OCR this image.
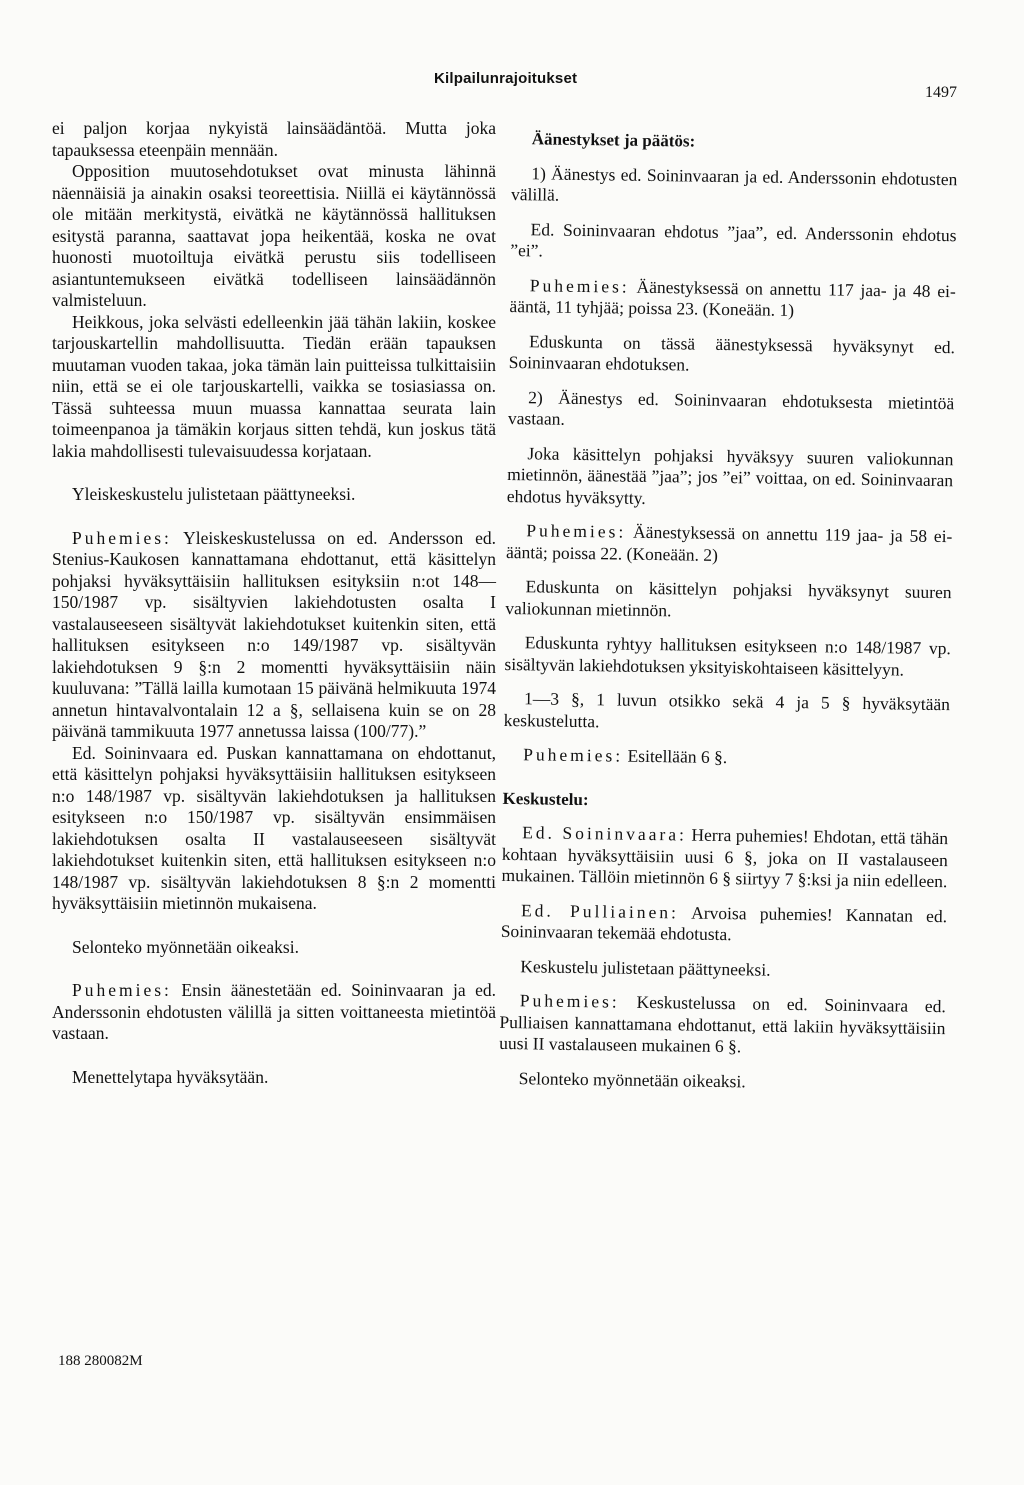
Kilpailunrajoitukset
1497

ei paljon korjaa nykyistä lainsäädäntöä. Mutta joka tapauksessa eteenpäin mennään.

Opposition muutosehdotukset ovat minusta lähinnä näennäisiä ja ainakin osaksi teoreettisia. Niillä ei käytännössä ole mitään merkitystä, eivätkä ne käytännössä hallituksen esitystä paranna, saattavat jopa heikentää, koska ne ovat huonosti muotoiltuja eivätkä perustu siis todelliseen asiantuntemukseen eivätkä todelliseen lainsäädännön valmisteluun.

Heikkous, joka selvästi edelleenkin jää tähän lakiin, koskee tarjouskartellin mahdollisuutta. Tiedän erään tapauksen muutaman vuoden takaa, joka tämän lain puitteissa tulkittaisiin niin, että se ei ole tarjouskartelli, vaikka se tosiasiassa on. Tässä suhteessa muun muassa kannattaa seurata lain toimeenpanoa ja tämäkin korjaus sitten tehdä, kun joskus tätä lakia mahdollisesti tulevaisuudessa korjataan.

Yleiskeskustelu julistetaan päättyneeksi.

Puhemies: Yleiskeskustelussa on ed. Andersson ed. Stenius-Kaukosen kannattamana ehdottanut, että käsittelyn pohjaksi hyväksyttäisiin hallituksen esityksiin n:ot 148—150/1987 vp. sisältyvien lakiehdotusten osalta I vastalauseeseen sisältyvät lakiehdotukset kuitenkin siten, että hallituksen esitykseen n:o 149/1987 vp. sisältyvän lakiehdotuksen 9 §:n 2 momentti hyväksyttäisiin näin kuuluvana: ”Tällä lailla kumotaan 15 päivänä helmikuuta 1974 annetun hintavalvontalain 12 a §, sellaisena kuin se on 28 päivänä tammikuuta 1977 annetussa laissa (100/77).”

Ed. Soininvaara ed. Puskan kannattamana on ehdottanut, että käsittelyn pohjaksi hyväksyttäisiin hallituksen esitykseen n:o 148/1987 vp. sisältyvän lakiehdotuksen ja hallituksen esitykseen n:o 150/1987 vp. sisältyvän ensimmäisen lakiehdotuksen osalta II vastalauseeseen sisältyvät lakiehdotukset kuitenkin siten, että hallituksen esitykseen n:o 148/1987 vp. sisältyvän lakiehdotuksen 8 §:n 2 momentti hyväksyttäisiin mietinnön mukaisena.

Selonteko myönnetään oikeaksi.

Puhemies: Ensin äänestetään ed. Soininvaaran ja ed. Anderssonin ehdotusten välillä ja sitten voittaneesta mietintöä vastaan.

Menettelytapa hyväksytään.

188 280082M

Äänestykset ja päätös:

1) Äänestys ed. Soininvaaran ja ed. Anderssonin ehdotusten välillä.

Ed. Soininvaaran ehdotus ”jaa”, ed. Anderssonin ehdotus ”ei”.

Puhemies: Äänestyksessä on annettu 117 jaa- ja 48 ei-ääntä, 11 tyhjää; poissa 23. (Koneään. 1)

Eduskunta on tässä äänestyksessä hyväksynyt ed. Soininvaaran ehdotuksen.

2) Äänestys ed. Soininvaaran ehdotuksesta mietintöä vastaan.

Joka käsittelyn pohjaksi hyväksyy suuren valiokunnan mietinnön, äänestää ”jaa”; jos ”ei” voittaa, on ed. Soininvaaran ehdotus hyväksytty.

Puhemies: Äänestyksessä on annettu 119 jaa- ja 58 ei-ääntä; poissa 22. (Koneään. 2)

Eduskunta on käsittelyn pohjaksi hyväksynyt suuren valiokunnan mietinnön.

Eduskunta ryhtyy hallituksen esitykseen n:o 148/1987 vp. sisältyvän lakiehdotuksen yksityiskohtaiseen käsittelyyn.

1—3 §, 1 luvun otsikko sekä 4 ja 5 § hyväksytään keskustelutta.

Puhemies: Esitellään 6 §.

Keskustelu:

Ed. Soininvaara: Herra puhemies! Ehdotan, että tähän kohtaan hyväksyttäisiin uusi 6 §, joka on II vastalauseen mukainen. Tällöin mietinnön 6 § siirtyy 7 §:ksi ja niin edelleen.

Ed. Pulliainen: Arvoisa puhemies! Kannatan ed. Soininvaaran tekemää ehdotusta.

Keskustelu julistetaan päättyneeksi.

Puhemies: Keskustelussa on ed. Soininvaara ed. Pulliaisen kannattamana ehdottanut, että lakiin hyväksyttäisiin uusi II vastalauseen mukainen 6 §.

Selonteko myönnetään oikeaksi.
